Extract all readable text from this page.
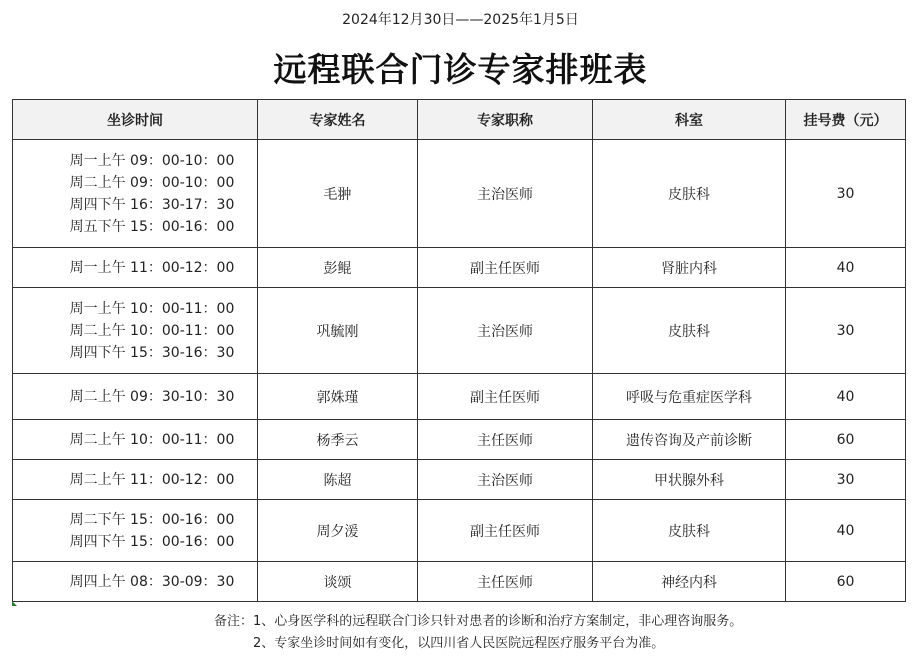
2024年12月30日——2025年1月5日
远程联合门诊专家排班表
坐诊时间	专家姓名	专家职称	科室	挂号费（元）

周一上午 09：00-10：00
周二上午 09：00-10：00
周四下午 16：30-17：30
周五下午 15：00-16：00	毛翀	主治医师	皮肤科	30

周一上午 11：00-12：00	彭鲲	副主任医师	肾脏内科	40

周一上午 10：00-11：00
周二上午 10：00-11：00
周四下午 15：30-16：30	巩毓刚	主治医师	皮肤科	30

周二上午 09：30-10：30	郭姝瑾	副主任医师	呼吸与危重症医学科	40

周二上午 10：00-11：00	杨季云	主任医师	遗传咨询及产前诊断	60

周二上午 11：00-12：00	陈超	主治医师	甲状腺外科	30

周二下午 15：00-16：00
周四下午 15：00-16：00	周夕湲	副主任医师	皮肤科	40

周四上午 08：30-09：30	谈颂	主任医师	神经内科	60
备注：1、心身医学科的远程联合门诊只针对患者的诊断和治疗方案制定，非心理咨询服务。
2、专家坐诊时间如有变化，以四川省人民医院远程医疗服务平台为准。
